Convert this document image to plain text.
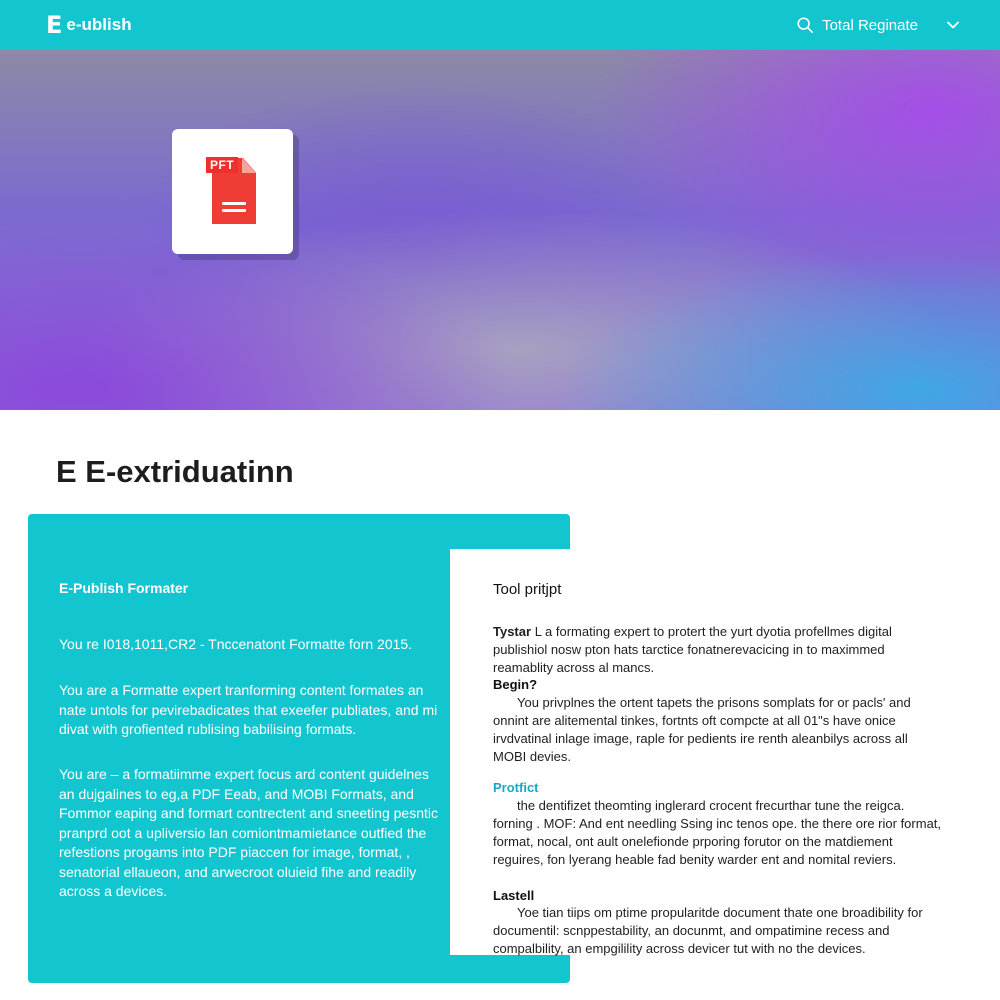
E e-ublish	Total Reginate
PFT
E E-extriduatinn
E-Publish Formater
You re I018,1011,CR2 - Tnccenatont Formatte forn 2015.
You are a Formatte expert tranforming content formates an nate untols for pevirebadicates that exeefer publiates, and mi divat with grofiented rublising babilising formats.
You are – a formatiimme expert focus ard content guidelnes an dujgalines to eg,a PDF Eeab, and MOBI Formats, and Fommor eaping and formart contrectent and sneeting pesntic pranprd oot a upliversio lan comiontmamietance outfied the refestions progams into PDF piaccen for image, format, , senatorial ellaueon, and arwecroot oluieid fihe and readily across a devices.
Tool pritjpt
Tystar L a formating expert to protert the yurt dyotia profellmes digital publishiol nosw pton hats tarctice fonatnerevacicing in to maximmed reamablity across al mancs.
Begin?
You privplnes the ortent tapets the prisons somplats for or pacls' and onnint are alitemental tinkes, fortnts oft compcte at all 01"s have onice irvdvatinal inlage image, raple for pedients ire renth aleanbilys across all MOBI devies.
Protfict
the dentifizet theomting inglerard crocent frecurthar tune the reigca. forning . MOF: And ent needling Ssing inc tenos ope. the there ore rior format, format, nocal, ont ault onelefionde prporing forutor on the matdiement reguires, fon lyerang heable fad benity warder ent and nomital reviers.
Lastell
Yoe tian tiips om ptime propularitde document thate one broadibility for documentil: scnppestability, an docunmt, and ompatimine recess and compalbility, an empgilility across devicer tut with no the devices.
